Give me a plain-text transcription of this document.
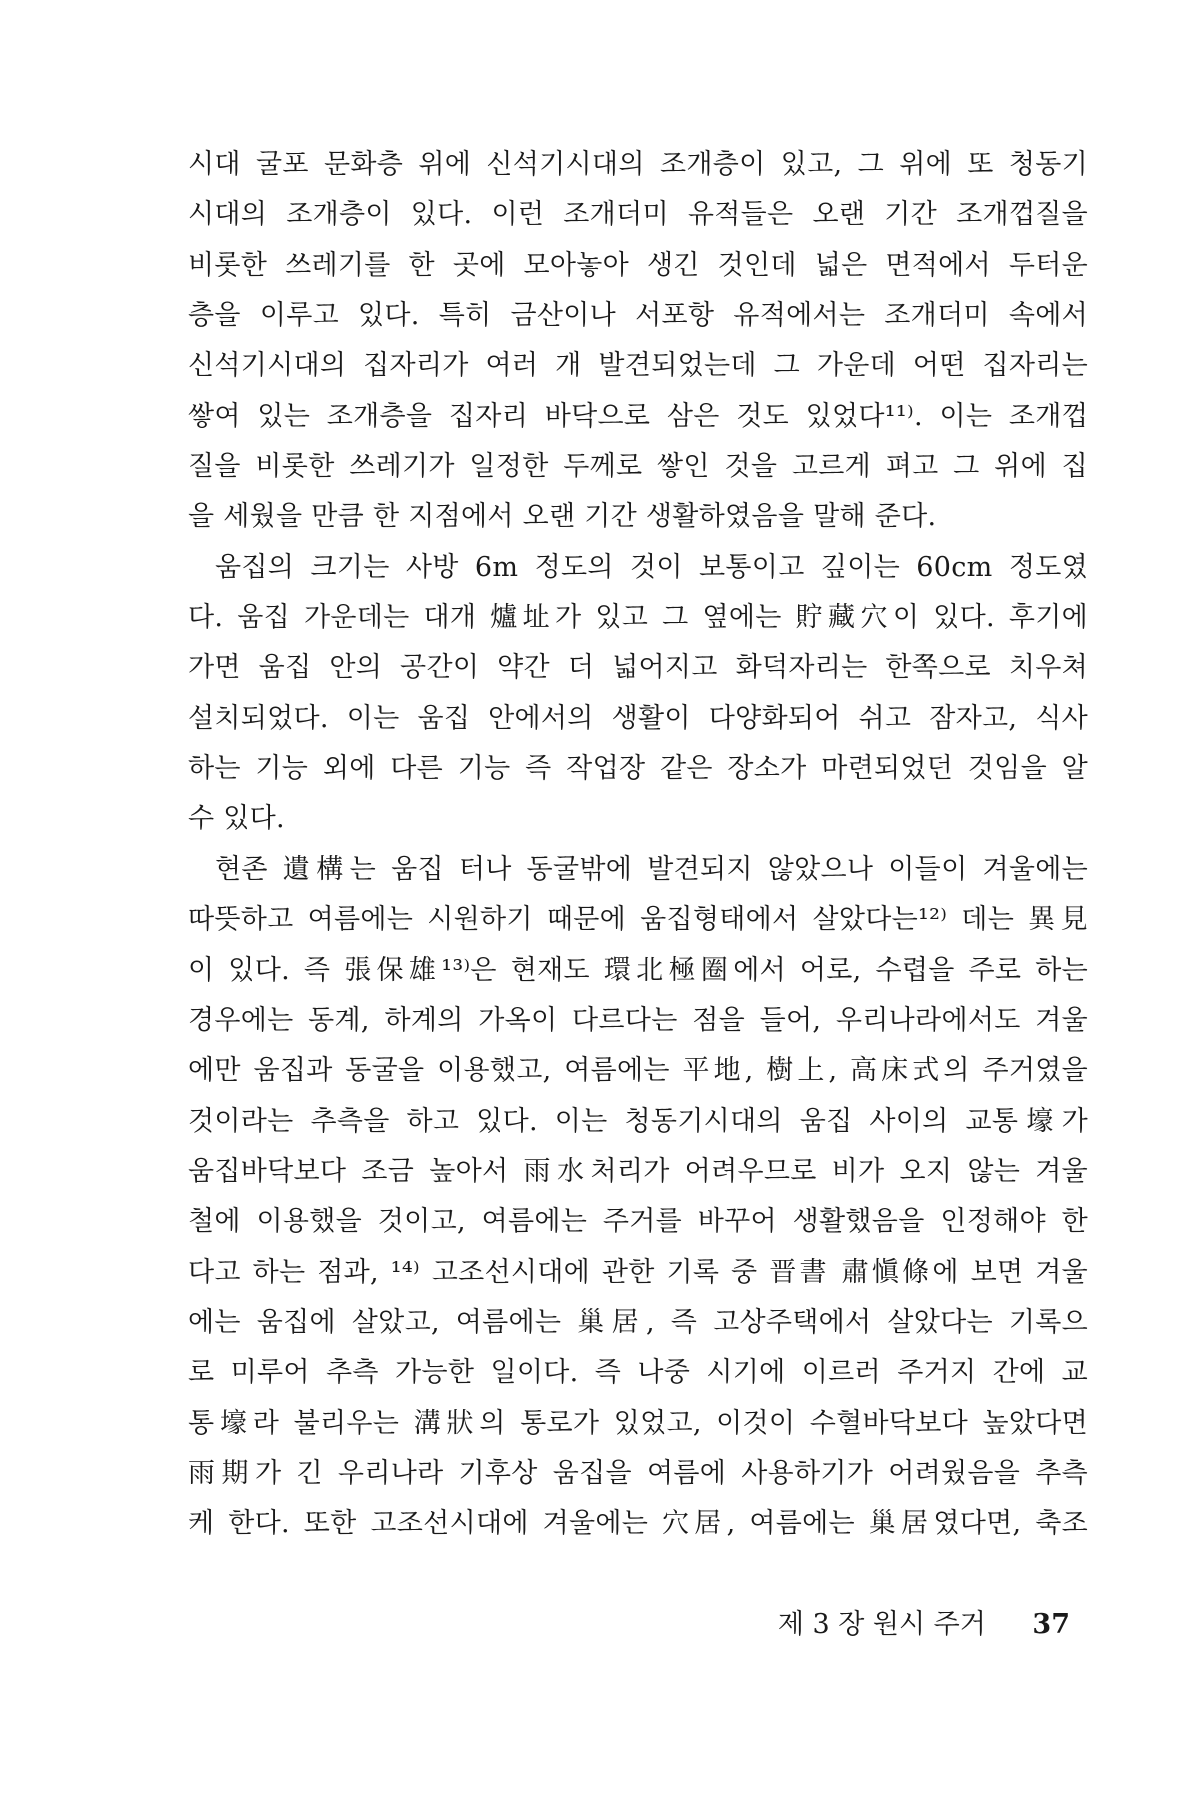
시대 굴포 문화층 위에 신석기시대의 조개층이 있고, 그 위에 또 청동기
시대의 조개층이 있다. 이런 조개더미 유적들은 오랜 기간 조개껍질을
비롯한 쓰레기를 한 곳에 모아놓아 생긴 것인데 넓은 면적에서 두터운
층을 이루고 있다. 특히 금산이나 서포항 유적에서는 조개더미 속에서
신석기시대의 집자리가 여러 개 발견되었는데 그 가운데 어떤 집자리는
쌓여 있는 조개층을 집자리 바닥으로 삼은 것도 있었다¹¹⁾. 이는 조개껍
질을 비롯한 쓰레기가 일정한 두께로 쌓인 것을 고르게 펴고 그 위에 집
을 세웠을 만큼 한 지점에서 오랜 기간 생활하였음을 말해 준다.
움집의 크기는 사방 6m 정도의 것이 보통이고 깊이는 60cm 정도였
다. 움집 가운데는 대개 爐址가 있고 그 옆에는 貯藏穴이 있다. 후기에
가면 움집 안의 공간이 약간 더 넓어지고 화덕자리는 한쪽으로 치우쳐
설치되었다. 이는 움집 안에서의 생활이 다양화되어 쉬고 잠자고, 식사
하는 기능 외에 다른 기능 즉 작업장 같은 장소가 마련되었던 것임을 알
수 있다.
현존 遺構는 움집 터나 동굴밖에 발견되지 않았으나 이들이 겨울에는
따뜻하고 여름에는 시원하기 때문에 움집형태에서 살았다는¹²⁾ 데는 異見
이 있다. 즉 張保雄¹³⁾은 현재도 環北極圈에서 어로, 수렵을 주로 하는
경우에는 동계, 하계의 가옥이 다르다는 점을 들어, 우리나라에서도 겨울
에만 움집과 동굴을 이용했고, 여름에는 平地, 樹上, 高床式의 주거였을
것이라는 추측을 하고 있다. 이는 청동기시대의 움집 사이의 교통壕가
움집바닥보다 조금 높아서 雨水처리가 어려우므로 비가 오지 않는 겨울
철에 이용했을 것이고, 여름에는 주거를 바꾸어 생활했음을 인정해야 한
다고 하는 점과, ¹⁴⁾ 고조선시대에 관한 기록 중 晋書 肅愼條에 보면 겨울
에는 움집에 살았고, 여름에는 巢居, 즉 고상주택에서 살았다는 기록으
로 미루어 추측 가능한 일이다. 즉 나중 시기에 이르러 주거지 간에 교
통壕라 불리우는 溝狀의 통로가 있었고, 이것이 수혈바닥보다 높았다면
雨期가 긴 우리나라 기후상 움집을 여름에 사용하기가 어려웠음을 추측
케 한다. 또한 고조선시대에 겨울에는 穴居, 여름에는 巢居였다면, 축조
제 3 장 원시 주거 37
